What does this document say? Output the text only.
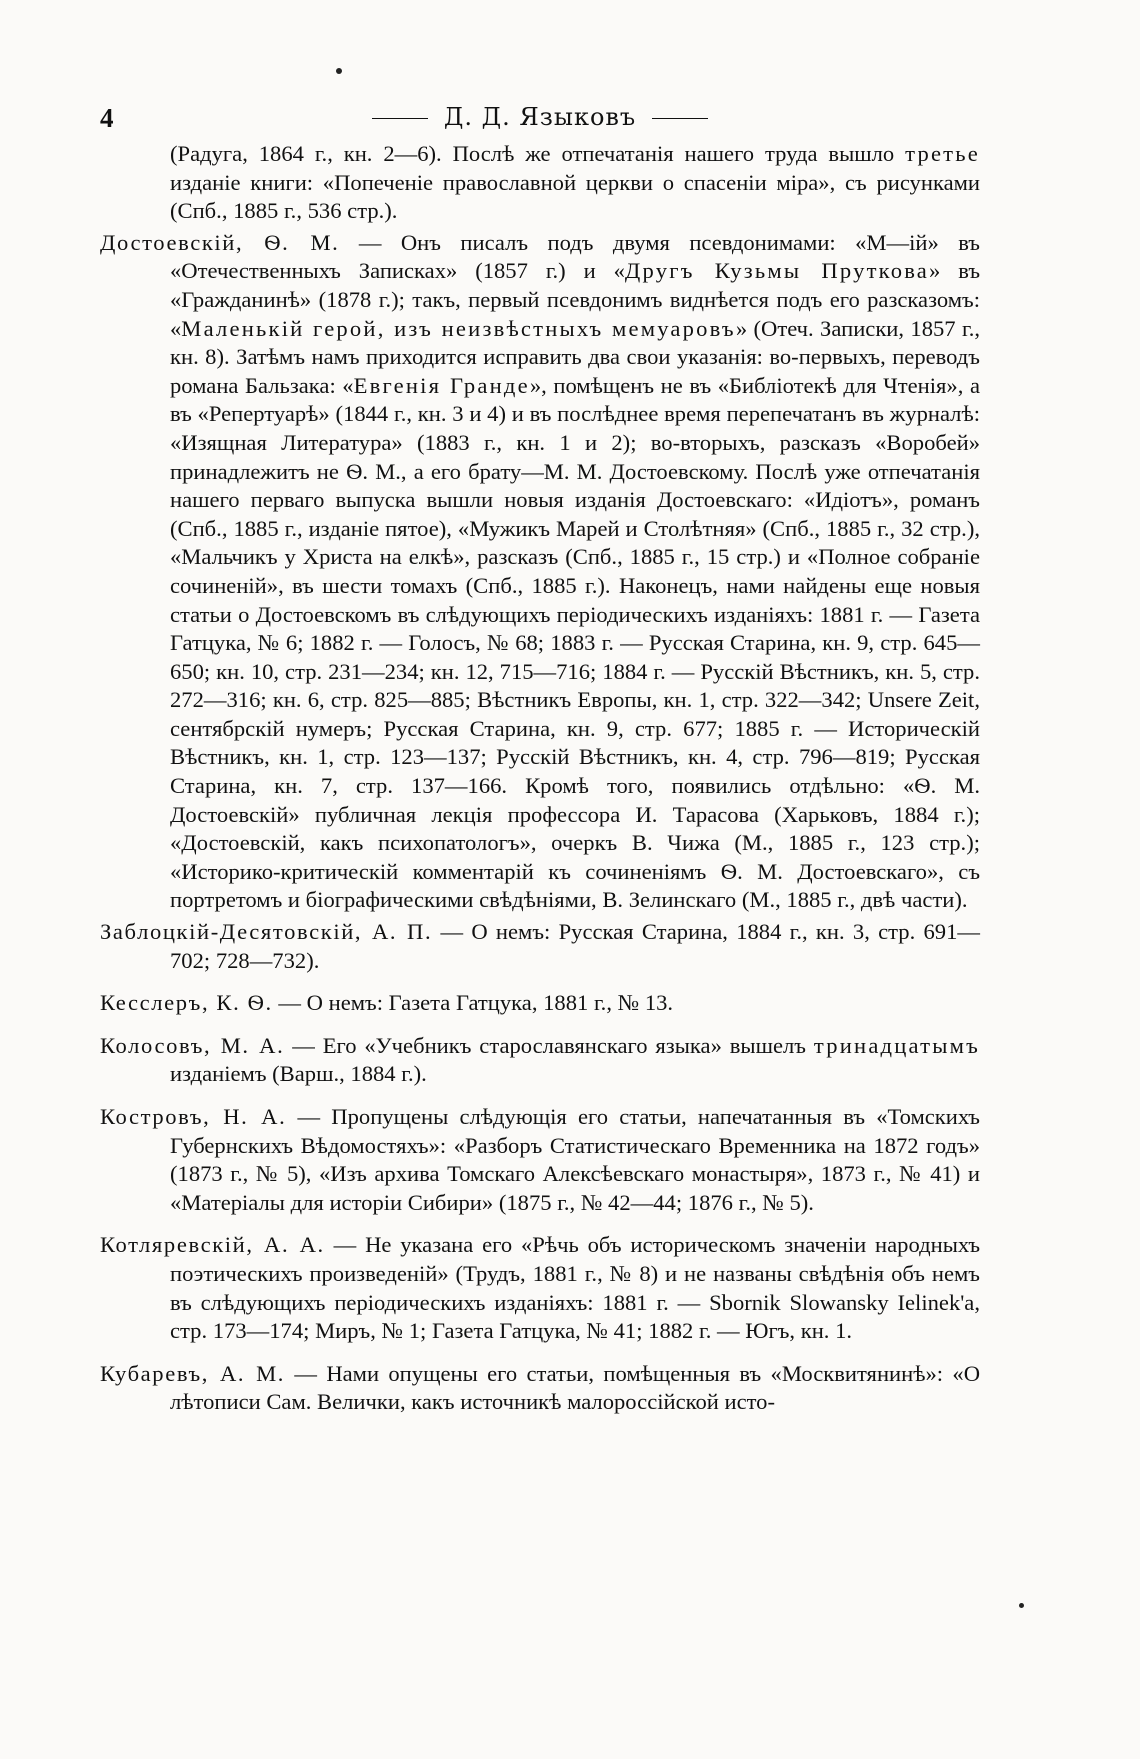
4	Д. Д. Языковъ

(Радуга, 1864 г., кн. 2—6). Послѣ же отпечатанія нашего труда вышло третье изданіе книги: «Попеченіе православной церкви о спасеніи міра», съ рисунками (Спб., 1885 г., 536 стр.).

Достоевскій, Ѳ. М. — Онъ писалъ подъ двумя псевдонимами: «М—ій» въ «Отечественныхъ Записках» (1857 г.) и «Другъ Кузьмы Пруткова» въ «Гражданинѣ» (1878 г.); такъ, первый псевдонимъ виднѣется подъ его разсказомъ: «Маленькій герой, изъ неизвѣстныхъ мемуаровъ» (Отеч. Записки, 1857 г., кн. 8). Затѣмъ намъ приходится исправить два свои указанія: во-первыхъ, переводъ романа Бальзака: «Евгенія Гранде», помѣщенъ не въ «Библіотекѣ для Чтенія», а въ «Репертуарѣ» (1844 г., кн. 3 и 4) и въ послѣднее время перепечатанъ въ журналѣ: «Изящная Литература» (1883 г., кн. 1 и 2); во-вторыхъ, разсказъ «Воробей» принадлежитъ не Ѳ. М., а его брату—М. М. Достоевскому. Послѣ уже отпечатанія нашего перваго выпуска вышли новыя изданія Достоевскаго: «Идіотъ», романъ (Спб., 1885 г., изданіе пятое), «Мужикъ Марей и Столѣтняя» (Спб., 1885 г., 32 стр.), «Мальчикъ у Христа на елкѣ», разсказъ (Спб., 1885 г., 15 стр.) и «Полное собраніе сочиненій», въ шести томахъ (Спб., 1885 г.). Наконецъ, нами найдены еще новыя статьи о Достоевскомъ въ слѣдующихъ періодическихъ изданіяхъ: 1881 г. — Газета Гатцука, № 6; 1882 г. — Голосъ, № 68; 1883 г. — Русская Старина, кн. 9, стр. 645—650; кн. 10, стр. 231—234; кн. 12, 715—716; 1884 г. — Русскій Вѣстникъ, кн. 5, стр. 272—316; кн. 6, стр. 825—885; Вѣстникъ Европы, кн. 1, стр. 322—342; Unsere Zeit, сентябрскій нумеръ; Русская Старина, кн. 9, стр. 677; 1885 г. — Историческій Вѣстникъ, кн. 1, стр. 123—137; Русскій Вѣстникъ, кн. 4, стр. 796—819; Русская Старина, кн. 7, стр. 137—166. Кромѣ того, появились отдѣльно: «Ѳ. М. Достоевскій» публичная лекція профессора И. Тарасова (Харьковъ, 1884 г.); «Достоевскій, какъ психопатологъ», очеркъ В. Чижа (М., 1885 г., 123 стр.); «Историко-критическій комментарій къ сочиненіямъ Ѳ. М. Достоевскаго», съ портретомъ и біографическими свѣдѣніями, В. Зелинскаго (М., 1885 г., двѣ части).

Заблоцкій-Десятовскій, А. П. — О немъ: Русская Старина, 1884 г., кн. 3, стр. 691—702; 728—732).

Кесслеръ, К. Ѳ. — О немъ: Газета Гатцука, 1881 г., № 13.

Колосовъ, М. А. — Его «Учебникъ старославянскаго языка» вышелъ тринадцатымъ изданіемъ (Варш., 1884 г.).

Костровъ, Н. А. — Пропущены слѣдующія его статьи, напечатанныя въ «Томскихъ Губернскихъ Вѣдомостяхъ»: «Разборъ Статистическаго Временника на 1872 годъ» (1873 г., № 5), «Изъ архива Томскаго Алексѣевскаго монастыря», 1873 г., № 41) и «Матеріалы для исторіи Сибири» (1875 г., № 42—44; 1876 г., № 5).

Котляревскій, А. А. — Не указана его «Рѣчь объ историческомъ значеніи народныхъ поэтическихъ произведеній» (Трудъ, 1881 г., № 8) и не названы свѣдѣнія объ немъ въ слѣдующихъ періодическихъ изданіяхъ: 1881 г. — Sbornik Slowansky Ielinek'a, стр. 173—174; Миръ, № 1; Газета Гатцука, № 41; 1882 г. — Югъ, кн. 1.

Кубаревъ, А. М. — Нами опущены его статьи, помѣщенныя въ «Москвитянинѣ»: «О лѣтописи Сам. Велички, какъ источникѣ малороссійской исто-
